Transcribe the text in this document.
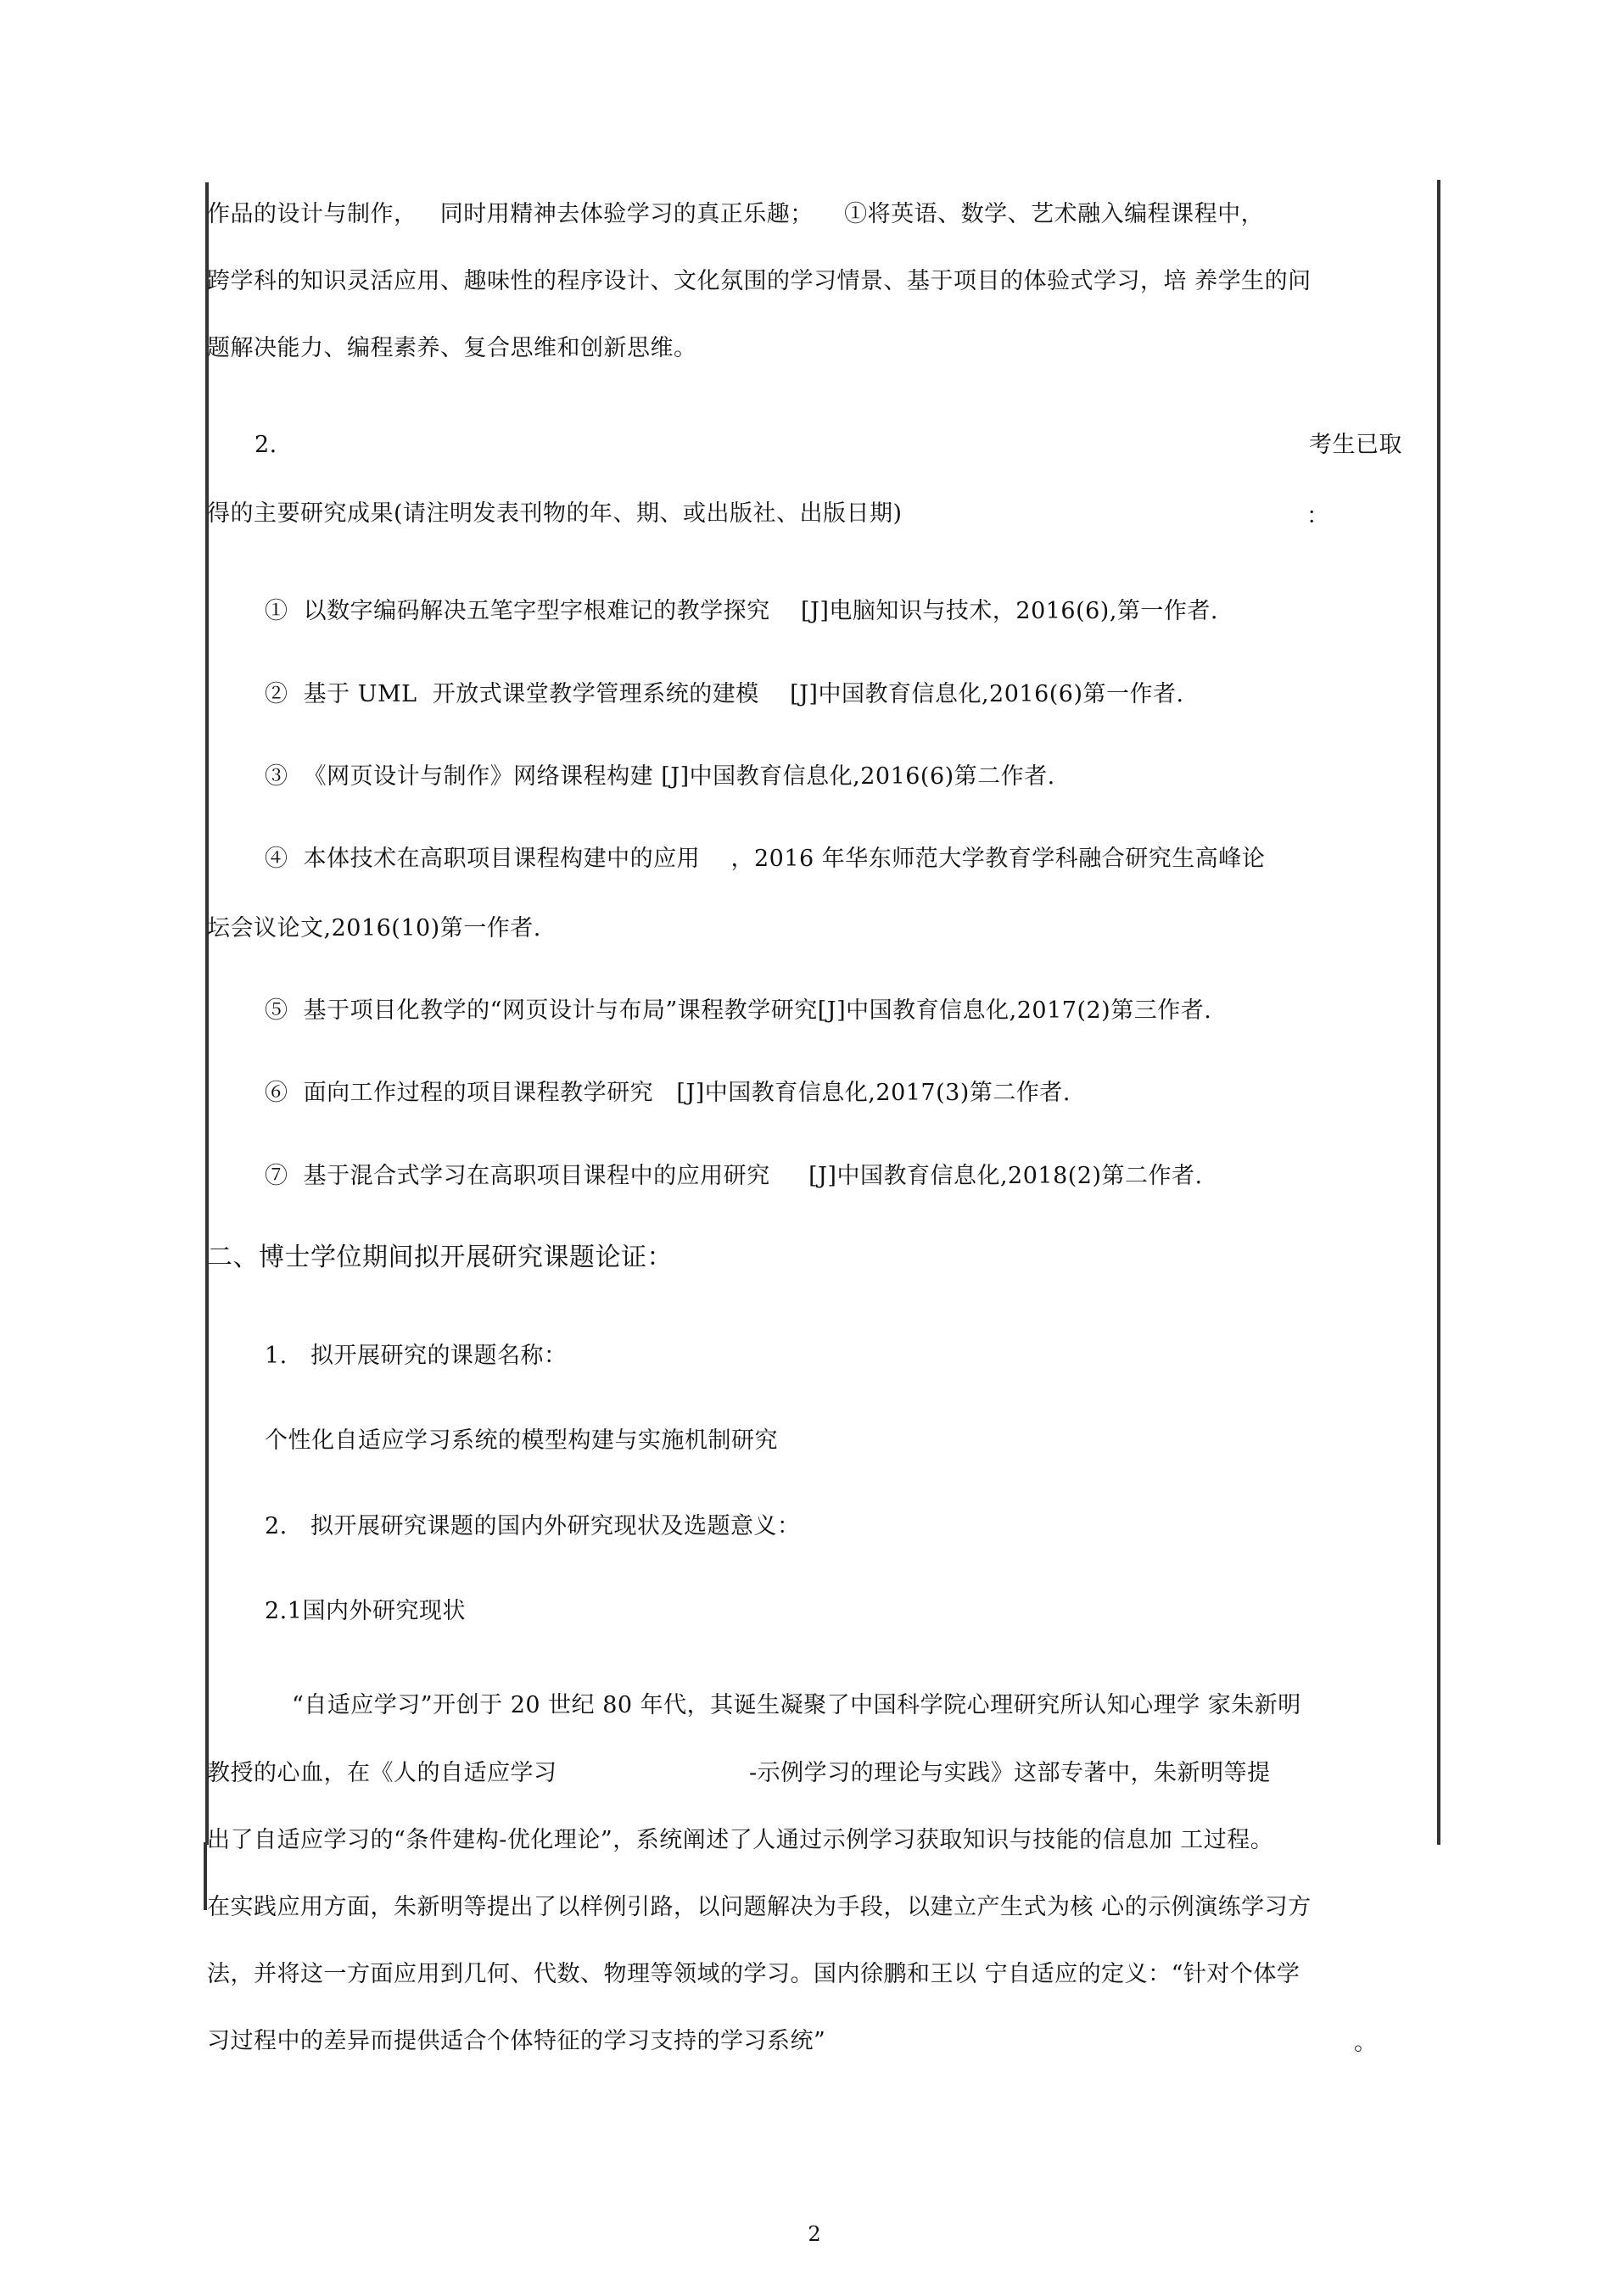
作品的设计与制作，   同时用精神去体验学习的真正乐趣；    ①将英语、数学、艺术融入编程课程中，
跨学科的知识灵活应用、趣味性的程序设计、文化氛围的学习情景、基于项目的体验式学习，培 养学生的问
题解决能力、编程素养、复合思维和创新思维。
2.	考生已取
得的主要研究成果(请注明发表刊物的年、期、或出版社、出版日期)	：
①  以数字编码解决五笔字型字根难记的教学探究    [J]电脑知识与技术，2016(6),第一作者.
②  基于 UML  开放式课堂教学管理系统的建模    [J]中国教育信息化,2016(6)第一作者.
③  《网页设计与制作》网络课程构建 [J]中国教育信息化,2016(6)第二作者.
④  本体技术在高职项目课程构建中的应用    ，2016 年华东师范大学教育学科融合研究生高峰论
坛会议论文,2016(10)第一作者.
⑤  基于项目化教学的“网页设计与布局”课程教学研究[J]中国教育信息化,2017(2)第三作者.
⑥  面向工作过程的项目课程教学研究   [J]中国教育信息化,2017(3)第二作者.
⑦  基于混合式学习在高职项目课程中的应用研究     [J]中国教育信息化,2018(2)第二作者.
二、博士学位期间拟开展研究课题论证：
1.   拟开展研究的课题名称：
个性化自适应学习系统的模型构建与实施机制研究
2.   拟开展研究课题的国内外研究现状及选题意义：
2.1国内外研究现状
“自适应学习”开创于 20 世纪 80 年代，其诞生凝聚了中国科学院心理研究所认知心理学 家朱新明
教授的心血，在《人的自适应学习	-示例学习的理论与实践》这部专著中，朱新明等提
出了自适应学习的“条件建构-优化理论”，系统阐述了人通过示例学习获取知识与技能的信息加 工过程。
在实践应用方面，朱新明等提出了以样例引路，以问题解决为手段，以建立产生式为核 心的示例演练学习方
法，并将这一方面应用到几何、代数、物理等领域的学习。国内徐鹏和王以 宁自适应的定义：“针对个体学
习过程中的差异而提供适合个体特征的学习支持的学习系统”	。
2
